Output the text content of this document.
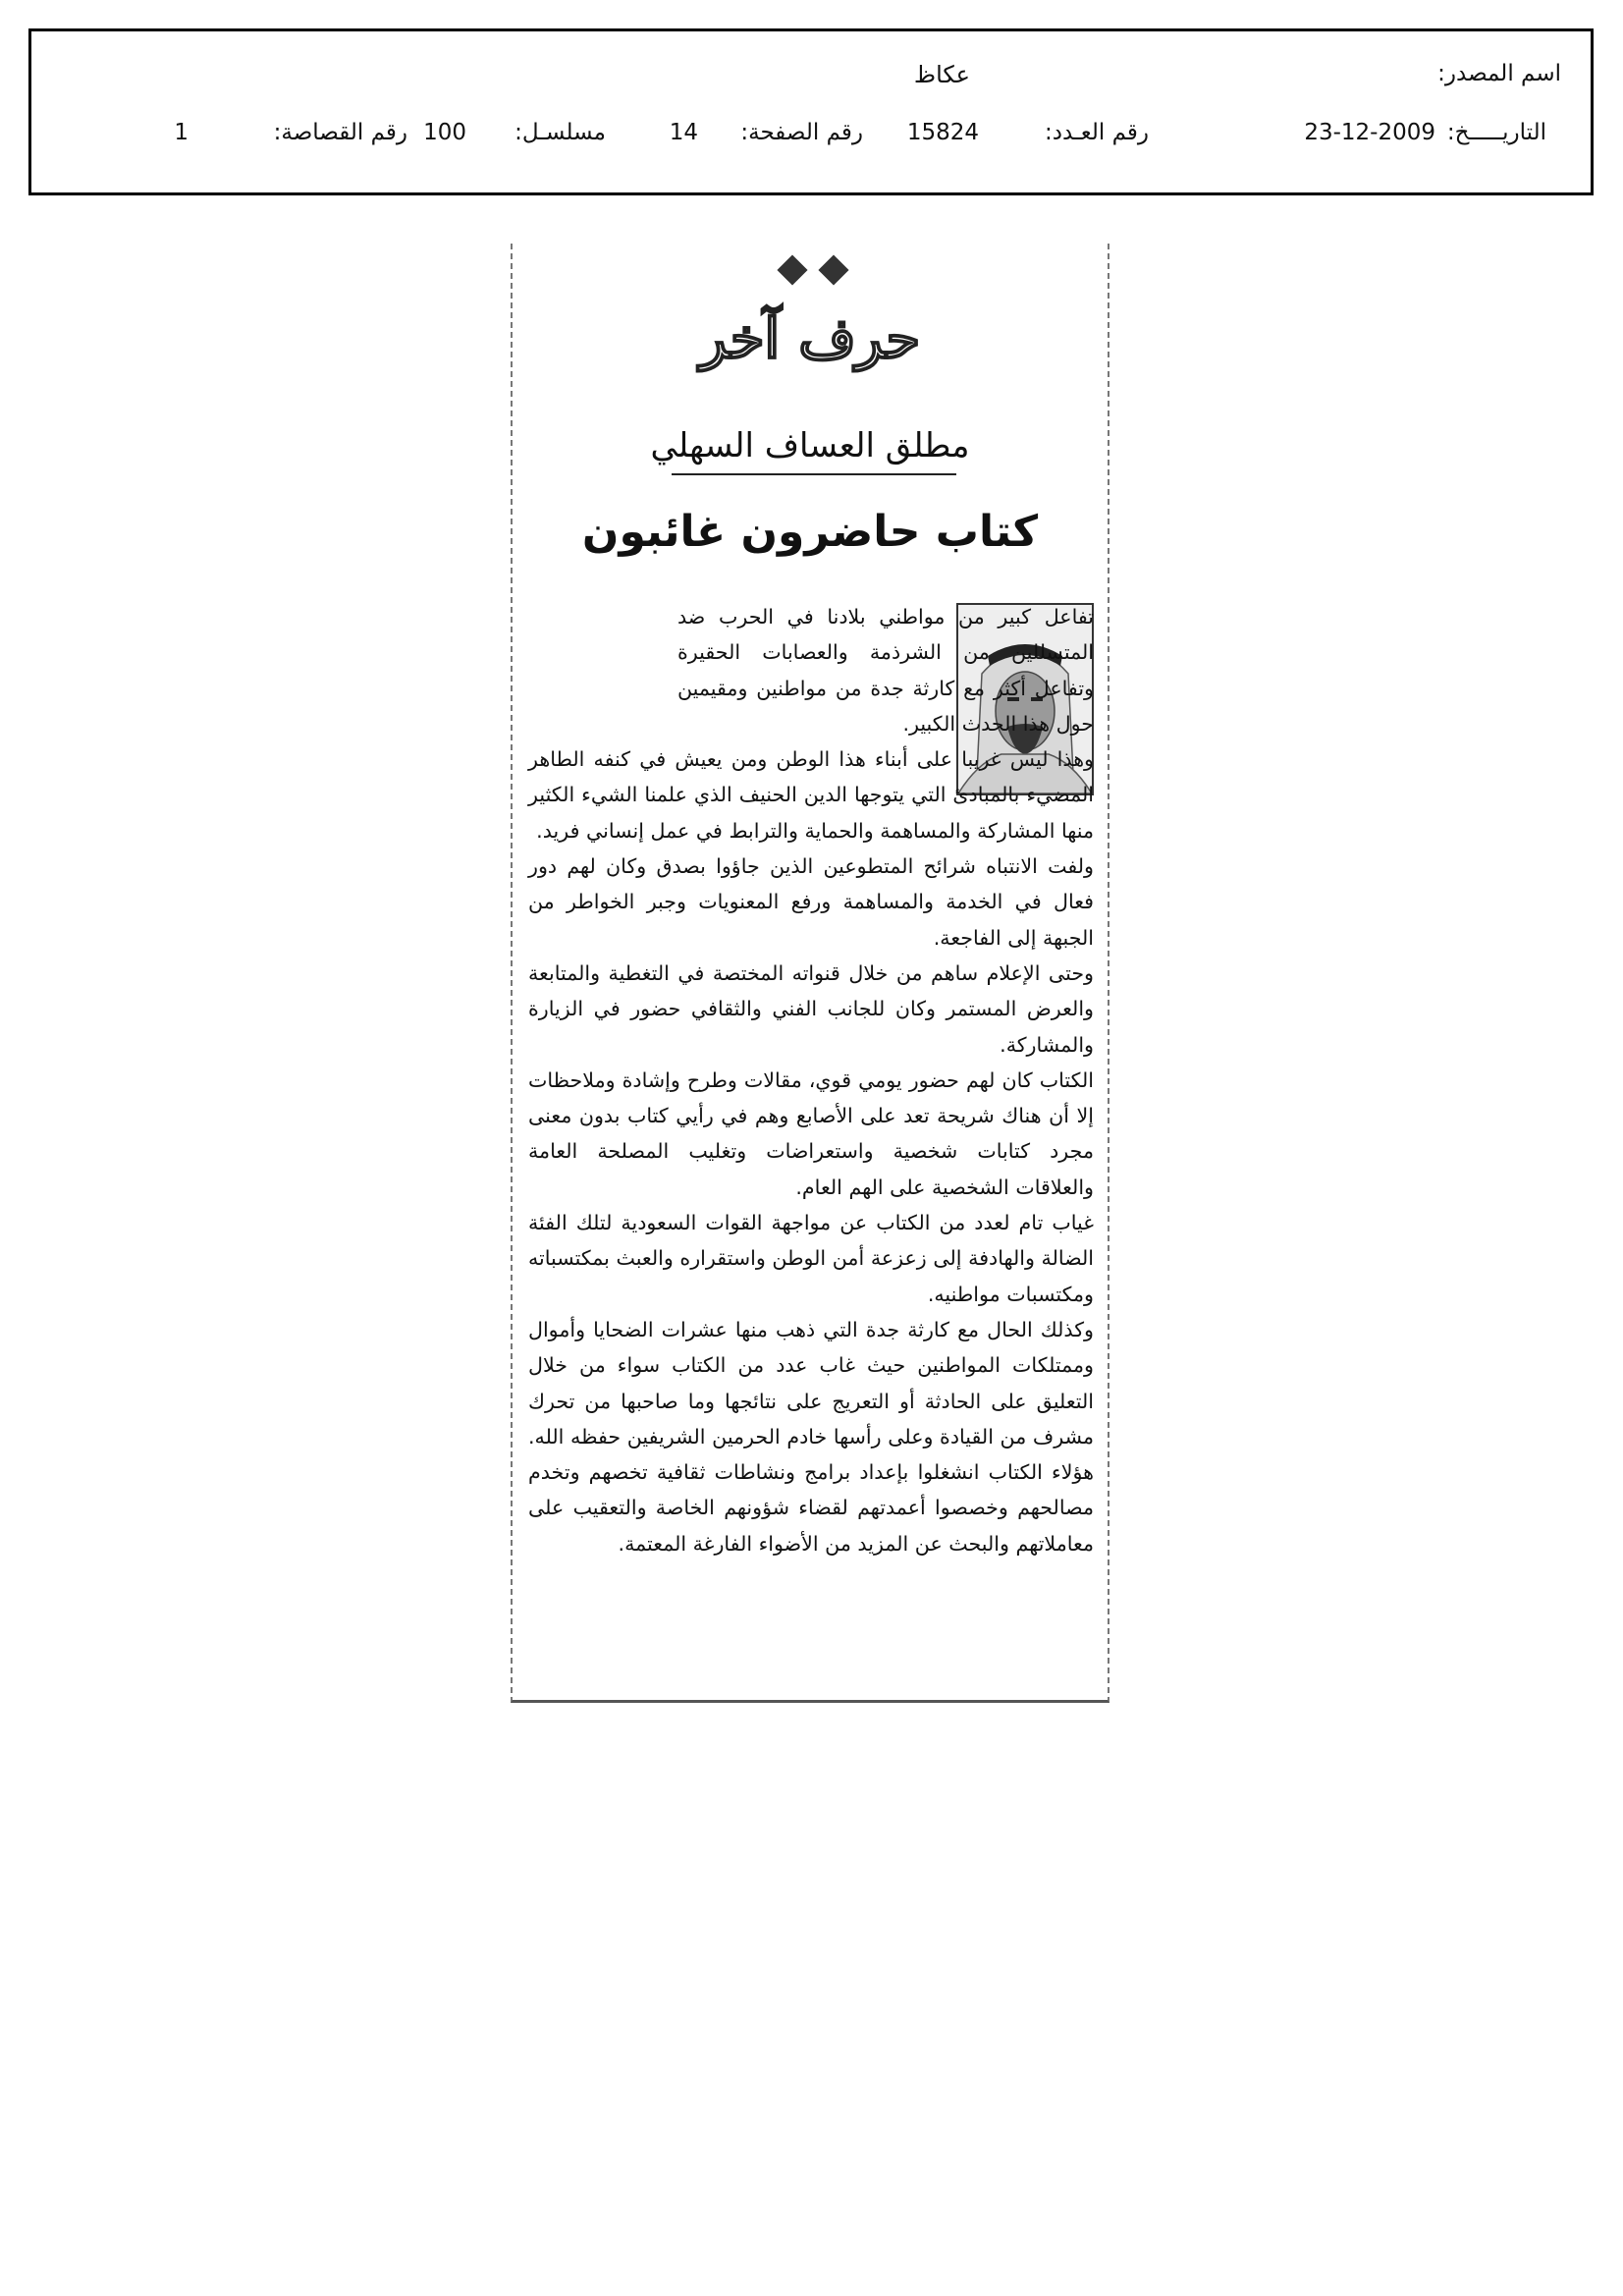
اسم المصدر:
عكاظ
التاريـــــخ:
23-12-2009
رقم العـدد:
15824
رقم الصفحة:
14
مسلسـل:
100
رقم القصاصة:
1
حرف آخر
مطلق العساف السهلي
كتاب حاضرون غائبون

تفاعل كبير من مواطني بلادنا في الحرب ضد المتسللين من الشرذمة والعصابات الحقيرة وتفاعل أكثر مع كارثة جدة من مواطنين ومقيمين حول هذا الحدث الكبير.

وهذا ليس غريبا على أبناء هذا الوطن ومن يعيش في كنفه الطاهر المضيء بالمبادئ التي يتوجها الدين الحنيف الذي علمنا الشيء الكثير منها المشاركة والمساهمة والحماية والترابط في عمل إنساني فريد.

ولفت الانتباه شرائح المتطوعين الذين جاؤوا بصدق وكان لهم دور فعال في الخدمة والمساهمة ورفع المعنويات وجبر الخواطر من الجبهة إلى الفاجعة.

وحتى الإعلام ساهم من خلال قنواته المختصة في التغطية والمتابعة والعرض المستمر وكان للجانب الفني والثقافي حضور في الزيارة والمشاركة.

الكتاب كان لهم حضور يومي قوي، مقالات وطرح وإشادة وملاحظات إلا أن هناك شريحة تعد على الأصابع وهم في رأيي كتاب بدون معنى مجرد كتابات شخصية واستعراضات وتغليب المصلحة العامة والعلاقات الشخصية على الهم العام.

غياب تام لعدد من الكتاب عن مواجهة القوات السعودية لتلك الفئة الضالة والهادفة إلى زعزعة أمن الوطن واستقراره والعبث بمكتسباته ومكتسبات مواطنيه.

وكذلك الحال مع كارثة جدة التي ذهب منها عشرات الضحايا وأموال وممتلكات المواطنين حيث غاب عدد من الكتاب سواء من خلال التعليق على الحادثة أو التعريج على نتائجها وما صاحبها من تحرك مشرف من القيادة وعلى رأسها خادم الحرمين الشريفين حفظه الله. هؤلاء الكتاب انشغلوا بإعداد برامج ونشاطات ثقافية تخصهم وتخدم مصالحهم وخصصوا أعمدتهم لقضاء شؤونهم الخاصة والتعقيب على معاملاتهم والبحث عن المزيد من الأضواء الفارغة المعتمة.
